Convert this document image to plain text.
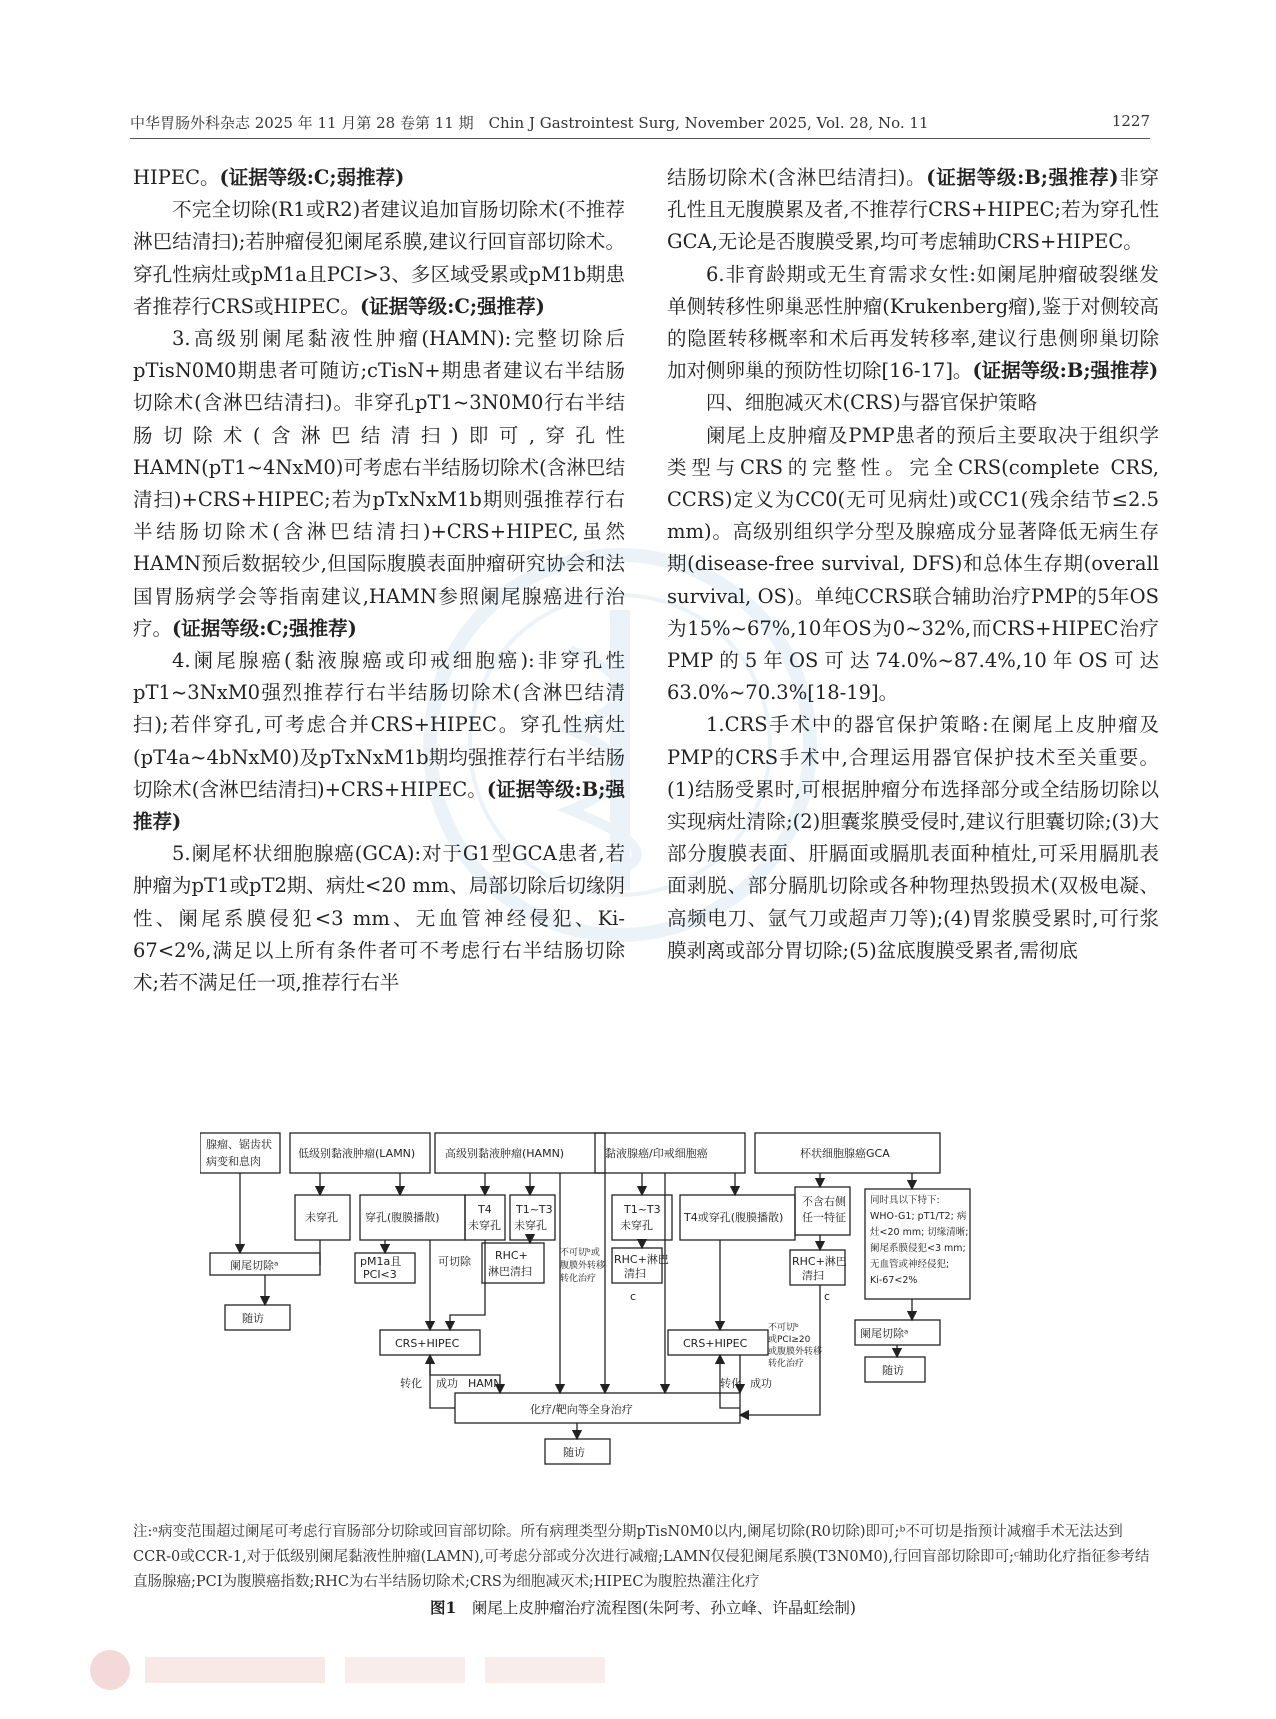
中华胃肠外科杂志 2025 年 11 月第 28 卷第 11 期　Chin J Gastrointest Surg, November 2025, Vol. 28, No. 11	1227

HIPEC。(证据等级:C;弱推荐)

不完全切除(R1或R2)者建议追加盲肠切除术(不推荐淋巴结清扫);若肿瘤侵犯阑尾系膜,建议行回盲部切除术。穿孔性病灶或pM1a且PCI>3、多区域受累或pM1b期患者推荐行CRS或HIPEC。(证据等级:C;强推荐)

3.高级别阑尾黏液性肿瘤(HAMN):完整切除后pTisN0M0期患者可随访;cTisN+期患者建议右半结肠切除术(含淋巴结清扫)。非穿孔pT1~3N0M0行右半结肠切除术(含淋巴结清扫)即可,穿孔性HAMN(pT1~4NxM0)可考虑右半结肠切除术(含淋巴结清扫)+CRS+HIPEC;若为pTxNxM1b期则强推荐行右半结肠切除术(含淋巴结清扫)+CRS+HIPEC,虽然HAMN预后数据较少,但国际腹膜表面肿瘤研究协会和法国胃肠病学会等指南建议,HAMN参照阑尾腺癌进行治疗。(证据等级:C;强推荐)

4.阑尾腺癌(黏液腺癌或印戒细胞癌):非穿孔性pT1~3NxM0强烈推荐行右半结肠切除术(含淋巴结清扫);若伴穿孔,可考虑合并CRS+HIPEC。穿孔性病灶(pT4a~4bNxM0)及pTxNxM1b期均强推荐行右半结肠切除术(含淋巴结清扫)+CRS+HIPEC。(证据等级:B;强推荐)

5.阑尾杯状细胞腺癌(GCA):对于G1型GCA患者,若肿瘤为pT1或pT2期、病灶<20 mm、局部切除后切缘阴性、阑尾系膜侵犯<3 mm、无血管神经侵犯、Ki-67<2%,满足以上所有条件者可不考虑行右半结肠切除术;若不满足任一项,推荐行右半

结肠切除术(含淋巴结清扫)。(证据等级:B;强推荐)非穿孔性且无腹膜累及者,不推荐行CRS+HIPEC;若为穿孔性GCA,无论是否腹膜受累,均可考虑辅助CRS+HIPEC。

6.非育龄期或无生育需求女性:如阑尾肿瘤破裂继发单侧转移性卵巢恶性肿瘤(Krukenberg瘤),鉴于对侧较高的隐匿转移概率和术后再发转移率,建议行患侧卵巢切除加对侧卵巢的预防性切除[16-17]。(证据等级:B;强推荐)

四、细胞减灭术(CRS)与器官保护策略

阑尾上皮肿瘤及PMP患者的预后主要取决于组织学类型与CRS的完整性。完全CRS(complete CRS, CCRS)定义为CC0(无可见病灶)或CC1(残余结节≤2.5 mm)。高级别组织学分型及腺癌成分显著降低无病生存期(disease-free survival, DFS)和总体生存期(overall survival, OS)。单纯CCRS联合辅助治疗PMP的5年OS为15%~67%,10年OS为0~32%,而CRS+HIPEC治疗PMP的5年OS可达74.0%~87.4%,10年OS可达63.0%~70.3%[18-19]。

1.CRS手术中的器官保护策略:在阑尾上皮肿瘤及PMP的CRS手术中,合理运用器官保护技术至关重要。(1)结肠受累时,可根据肿瘤分布选择部分或全结肠切除以实现病灶清除;(2)胆囊浆膜受侵时,建议行胆囊切除;(3)大部分腹膜表面、肝膈面或膈肌表面种植灶,可采用膈肌表面剥脱、部分膈肌切除或各种物理热毁损术(双极电凝、高频电刀、氩气刀或超声刀等);(4)胃浆膜受累时,可行浆膜剥离或部分胃切除;(5)盆底腹膜受累者,需彻底

腺瘤、锯齿状
病变和息肉
低级别黏液肿瘤(LAMN)	高级别黏液肿瘤(HAMN)	黏液腺癌/印戒细胞癌	杯状细胞腺癌GCA
未穿孔 穿孔(腹膜播散)
T4
未穿孔
T1~T3
未穿孔
T1~T3
未穿孔
T4或穿孔(腹膜播散)
不含右侧
任一特征
同时具以下特下:
WHO-G1; pT1/T2; 病
灶<20 mm; 切缘清晰;
阑尾系膜侵犯<3 mm;
无血管或神经侵犯;
Ki-67<2%
阑尾切除ᵃ	pM1a且
PCI<3
可切除 RHC+
淋巴清扫
不可切ᵇ或
腹膜外转移
转化治疗
RHC+淋巴
清扫
RHC+淋巴
清扫
c	c
不可切ᵇ
或PCI≥20
或腹膜外转移
转化治疗
随访
CRS+HIPEC	CRS+HIPEC
阑尾切除ᵃ
随访
转化 成功 HAMN	转化 成功
化疗/靶向等全身治疗
随访
注:ᵃ病变范围超过阑尾可考虑行盲肠部分切除或回盲部切除。所有病理类型分期pTisN0M0以内,阑尾切除(R0切除)即可;ᵇ不可切是指预计减瘤手术无法达到CCR-0或CCR-1,对于低级别阑尾黏液性肿瘤(LAMN),可考虑分部或分次进行减瘤;LAMN仅侵犯阑尾系膜(T3N0M0),行回盲部切除即可;ᶜ辅助化疗指征参考结直肠腺癌;PCI为腹膜癌指数;RHC为右半结肠切除术;CRS为细胞减灭术;HIPEC为腹腔热灌注化疗
图1　 阑尾上皮肿瘤治疗流程图(朱阿考、孙立峰、许晶虹绘制)
